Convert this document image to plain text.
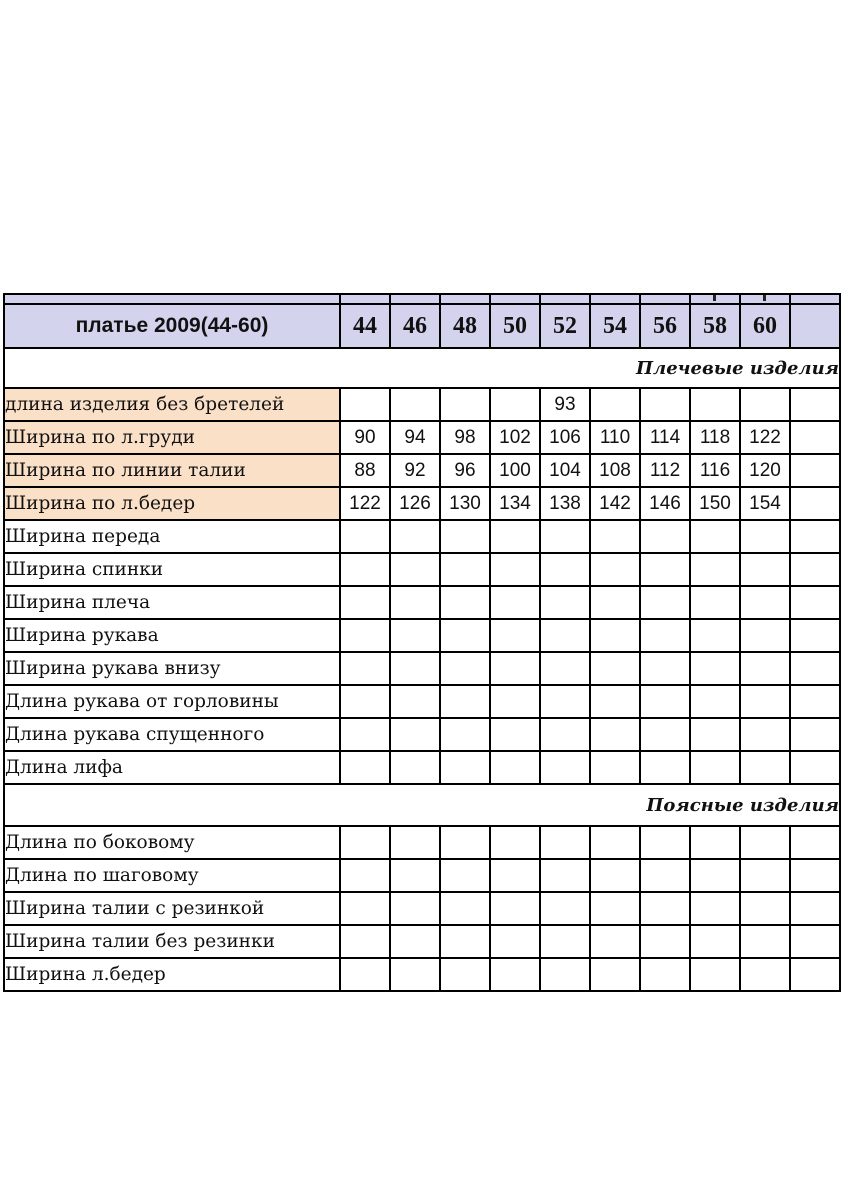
платье 2009(44-60)	44	46	48	50	52	54	56	58	60	
Плечевые изделия										
длина изделия без бретелей					93					
Ширина по л.груди	90	94	98	102	106	110	114	118	122	
Ширина по линии талии	88	92	96	100	104	108	112	116	120	
Ширина по л.бедер	122	126	130	134	138	142	146	150	154	
Ширина переда										
Ширина спинки										
Ширина плеча										
Ширина рукава										
Ширина рукава внизу										
Длина рукава от горловины										
Длина рукава спущенного										
Длина лифа										
Поясные изделия										
Длина по боковому										
Длина по шаговому										
Ширина талии с резинкой										
Ширина талии без резинки										
Ширина л.бедер										
